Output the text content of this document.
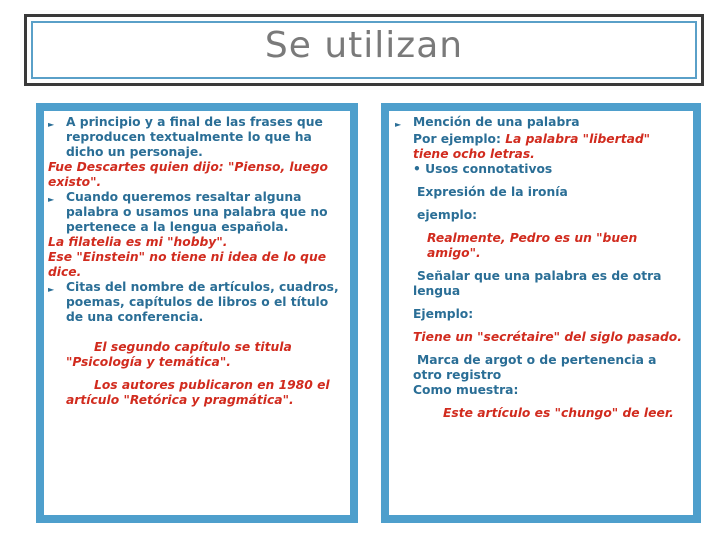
Se utilizan
► A principio y a final de las frases que reproducen textualmente lo que ha dicho un personaje.
Fue Descartes quien dijo: "Pienso, luego existo".
► Cuando queremos resaltar alguna palabra o usamos una palabra que no pertenece a la lengua española.
La filatelia es mi "hobby".
Ese "Einstein" no tiene ni idea de lo que dice.
► Citas del nombre de artículos, cuadros, poemas, capítulos de libros o el título de una conferencia.
El segundo capítulo se titula "Psicología y temática".
Los autores publicaron en 1980 el artículo "Retórica y pragmática".
► Mención de una palabra
Por ejemplo: La palabra "libertad" tiene ocho letras.
• Usos connotativos
Expresión de la ironía
ejemplo:
Realmente, Pedro es un "buen amigo".
Señalar que una palabra es de otra lengua
Ejemplo:
Tiene un "secrétaire" del siglo pasado.
Marca de argot o de pertenencia a otro registro
Como muestra:
Este artículo es "chungo" de leer.
